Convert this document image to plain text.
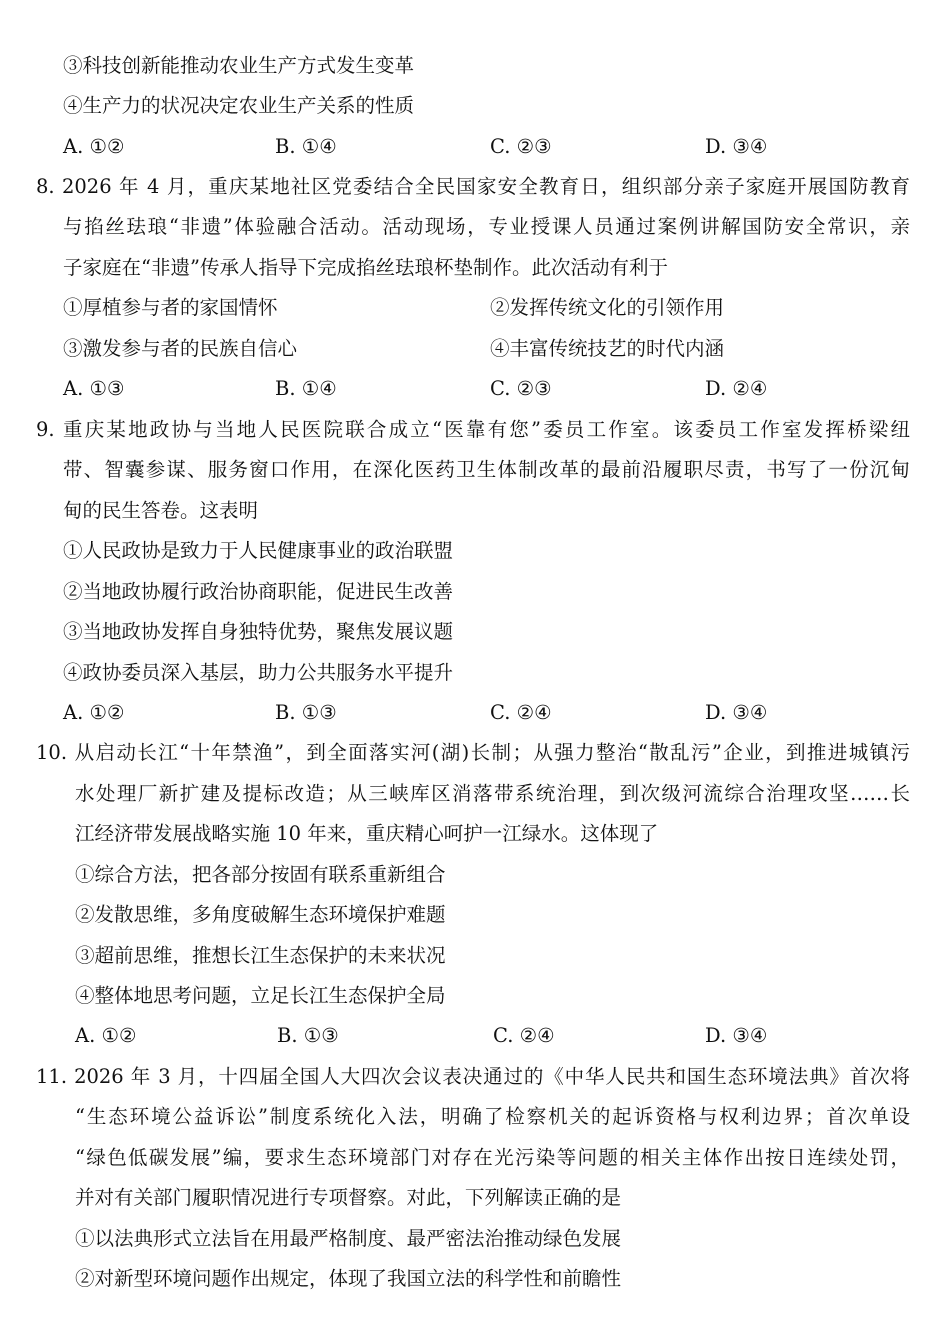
③科技创新能推动农业生产方式发生变革
④生产力的状况决定农业生产关系的性质
A. ①②	B. ①④	C. ②③	D. ③④
8. 2026 年 4 月，重庆某地社区党委结合全民国家安全教育日，组织部分亲子家庭开展国防教育
与掐丝珐琅“非遗”体验融合活动。活动现场，专业授课人员通过案例讲解国防安全常识，亲
子家庭在“非遗”传承人指导下完成掐丝珐琅杯垫制作。此次活动有利于
①厚植参与者的家国情怀	②发挥传统文化的引领作用
③激发参与者的民族自信心	④丰富传统技艺的时代内涵
A. ①③	B. ①④	C. ②③	D. ②④
9. 重庆某地政协与当地人民医院联合成立“医靠有您”委员工作室。该委员工作室发挥桥梁纽
带、智囊参谋、服务窗口作用，在深化医药卫生体制改革的最前沿履职尽责，书写了一份沉甸
甸的民生答卷。这表明
①人民政协是致力于人民健康事业的政治联盟
②当地政协履行政治协商职能，促进民生改善
③当地政协发挥自身独特优势，聚焦发展议题
④政协委员深入基层，助力公共服务水平提升
A. ①②	B. ①③	C. ②④	D. ③④
10. 从启动长江“十年禁渔”，到全面落实河(湖)长制；从强力整治“散乱污”企业，到推进城镇污
水处理厂新扩建及提标改造；从三峡库区消落带系统治理，到次级河流综合治理攻坚……长
江经济带发展战略实施 10 年来，重庆精心呵护一江绿水。这体现了
①综合方法，把各部分按固有联系重新组合
②发散思维，多角度破解生态环境保护难题
③超前思维，推想长江生态保护的未来状况
④整体地思考问题，立足长江生态保护全局
A. ①②	B. ①③	C. ②④	D. ③④
11. 2026 年 3 月，十四届全国人大四次会议表决通过的《中华人民共和国生态环境法典》首次将
“生态环境公益诉讼”制度系统化入法，明确了检察机关的起诉资格与权利边界；首次单设
“绿色低碳发展”编，要求生态环境部门对存在光污染等问题的相关主体作出按日连续处罚，
并对有关部门履职情况进行专项督察。对此，下列解读正确的是
①以法典形式立法旨在用最严格制度、最严密法治推动绿色发展
②对新型环境问题作出规定，体现了我国立法的科学性和前瞻性
